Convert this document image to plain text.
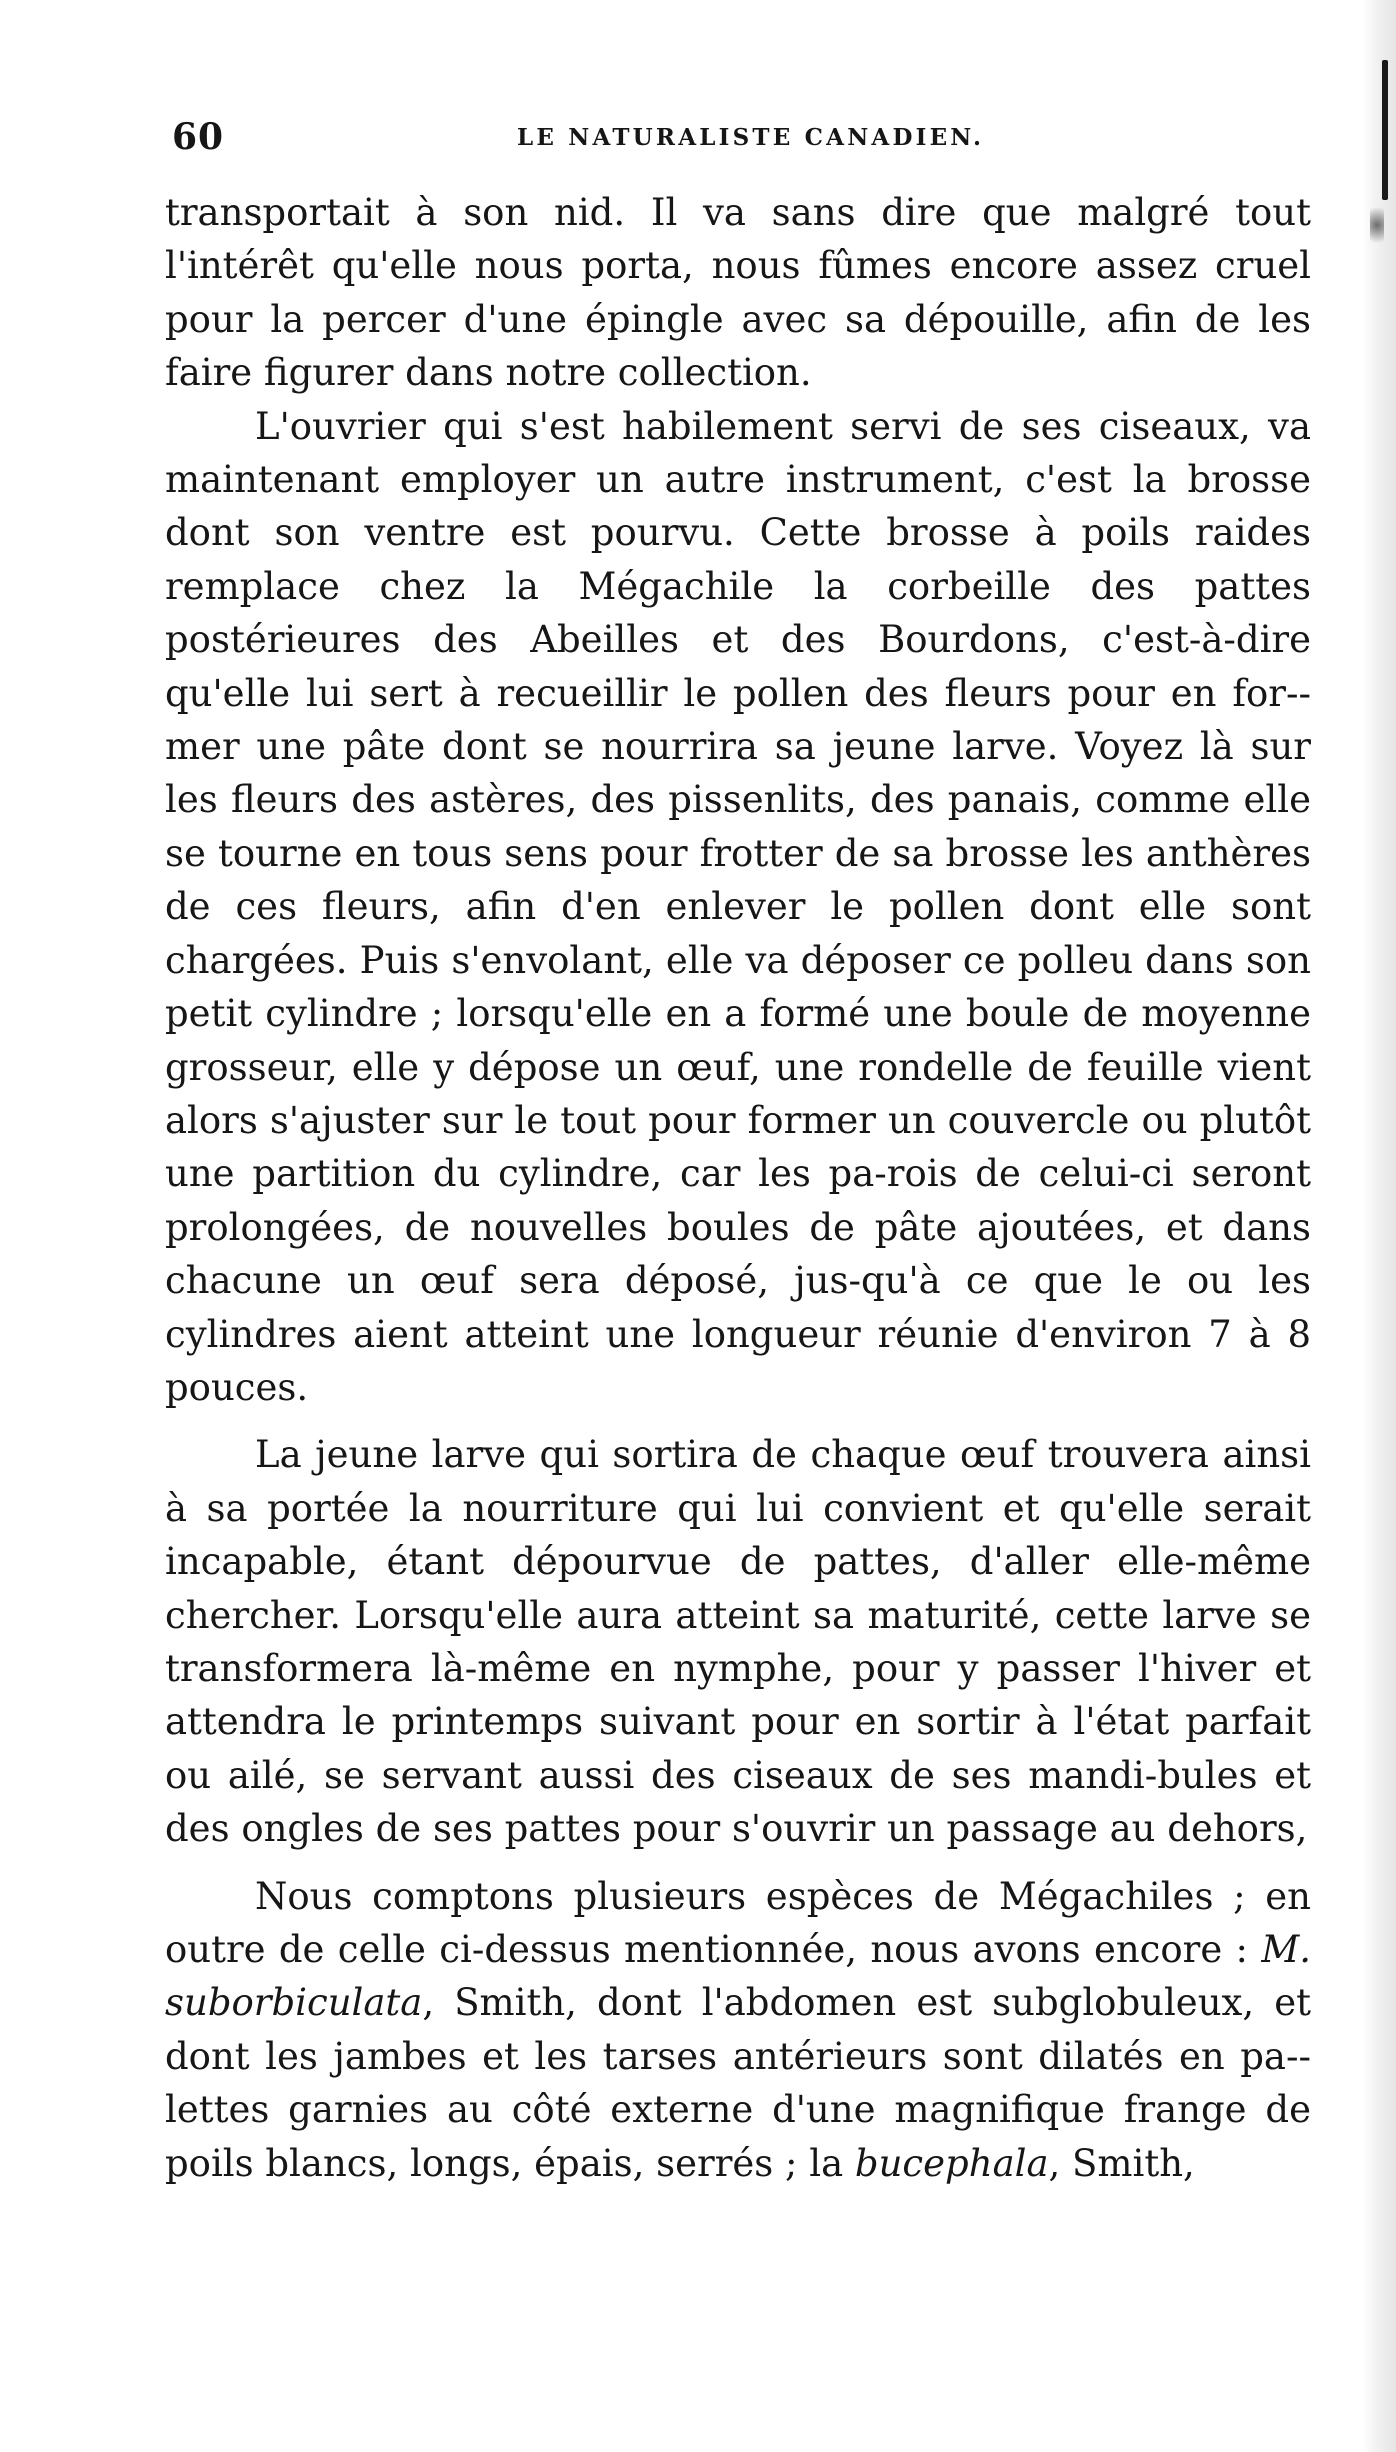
60	LE NATURALISTE CANADIEN.

transportait à son nid. Il va sans dire que malgré tout l'intérêt qu'elle nous porta, nous fûmes encore assez cruel pour la percer d'une épingle avec sa dépouille, afin de les faire figurer dans notre collection.

L'ouvrier qui s'est habilement servi de ses ciseaux, va maintenant employer un autre instrument, c'est la brosse dont son ventre est pourvu. Cette brosse à poils raides remplace chez la Mégachile la corbeille des pattes postérieures des Abeilles et des Bourdons, c'est-à-dire qu'elle lui sert à recueillir le pollen des fleurs pour en for-mer une pâte dont se nourrira sa jeune larve. Voyez là sur les fleurs des astères, des pissenlits, des panais, comme elle se tourne en tous sens pour frotter de sa brosse les anthères de ces fleurs, afin d'en enlever le pollen dont elle sont chargées. Puis s'envolant, elle va déposer ce polleu dans son petit cylindre ; lorsqu'elle en a formé une boule de moyenne grosseur, elle y dépose un œuf, une rondelle de feuille vient alors s'ajuster sur le tout pour former un couvercle ou plutôt une partition du cylindre, car les pa-rois de celui-ci seront prolongées, de nouvelles boules de pâte ajoutées, et dans chacune un œuf sera déposé, jus-qu'à ce que le ou les cylindres aient atteint une longueur réunie d'environ 7 à 8 pouces.

La jeune larve qui sortira de chaque œuf trouvera ainsi à sa portée la nourriture qui lui convient et qu'elle serait incapable, étant dépourvue de pattes, d'aller elle-même chercher. Lorsqu'elle aura atteint sa maturité, cette larve se transformera là-même en nymphe, pour y passer l'hiver et attendra le printemps suivant pour en sortir à l'état parfait ou ailé, se servant aussi des ciseaux de ses mandi-bules et des ongles de ses pattes pour s'ouvrir un passage au dehors,

Nous comptons plusieurs espèces de Mégachiles ; en outre de celle ci-dessus mentionnée, nous avons encore : M. suborbiculata, Smith, dont l'abdomen est subglobuleux, et dont les jambes et les tarses antérieurs sont dilatés en pa-lettes garnies au côté externe d'une magnifique frange de poils blancs, longs, épais, serrés ; la bucephala, Smith,
